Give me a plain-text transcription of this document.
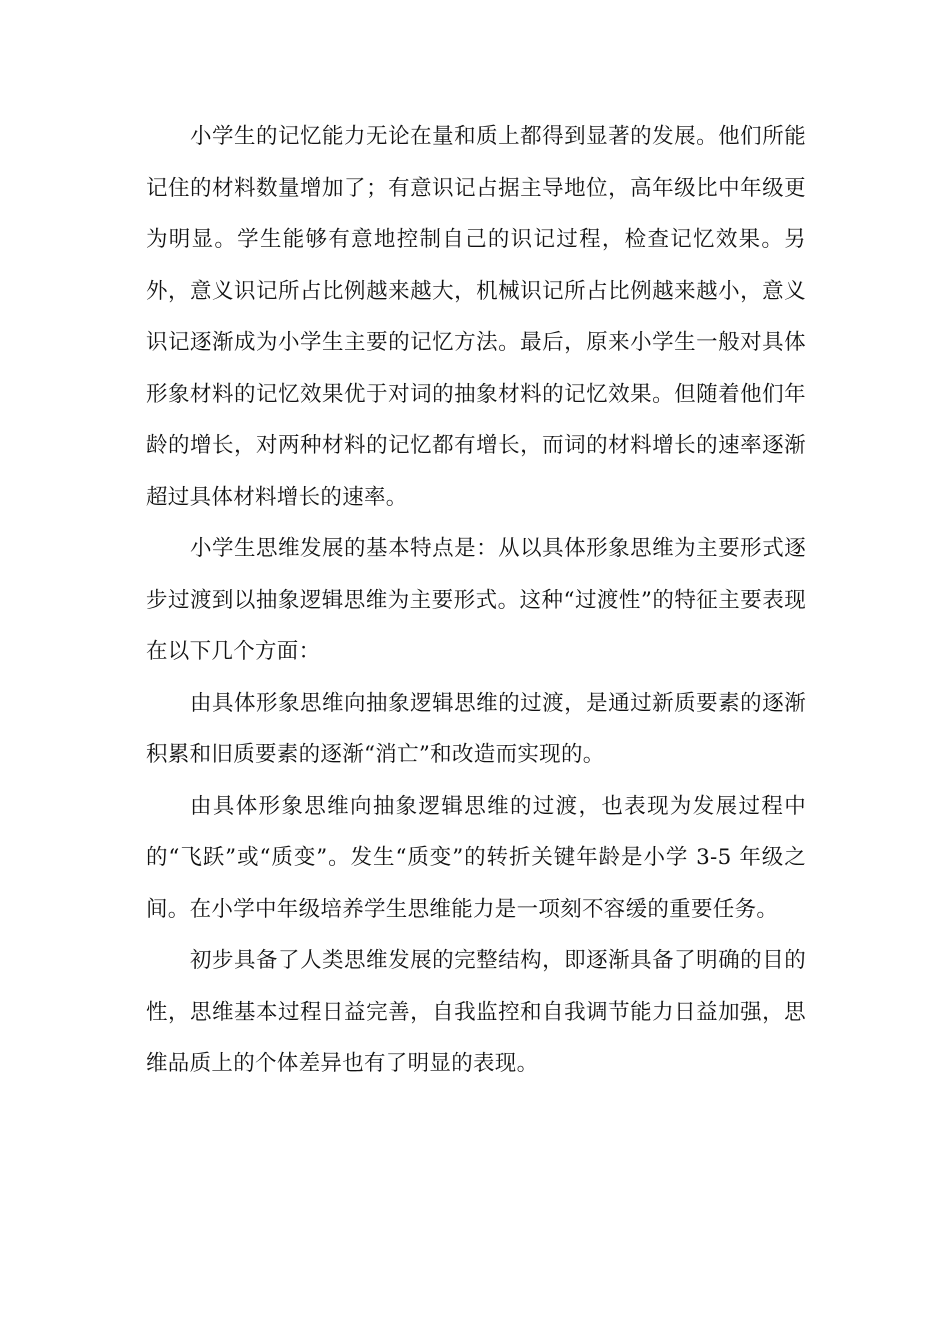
小学生的记忆能力无论在量和质上都得到显著的发展。他们所能记住的材料数量增加了；有意识记占据主导地位，高年级比中年级更为明显。学生能够有意地控制自己的识记过程，检查记忆效果。另外，意义识记所占比例越来越大，机械识记所占比例越来越小，意义识记逐渐成为小学生主要的记忆方法。最后，原来小学生一般对具体形象材料的记忆效果优于对词的抽象材料的记忆效果。但随着他们年龄的增长，对两种材料的记忆都有增长，而词的材料增长的速率逐渐超过具体材料增长的速率。

小学生思维发展的基本特点是：从以具体形象思维为主要形式逐步过渡到以抽象逻辑思维为主要形式。这种“过渡性”的特征主要表现在以下几个方面：

由具体形象思维向抽象逻辑思维的过渡，是通过新质要素的逐渐积累和旧质要素的逐渐“消亡”和改造而实现的。

由具体形象思维向抽象逻辑思维的过渡，也表现为发展过程中的“飞跃”或“质变”。发生“质变”的转折关键年龄是小学 3-5 年级之间。在小学中年级培养学生思维能力是一项刻不容缓的重要任务。

初步具备了人类思维发展的完整结构，即逐渐具备了明确的目的性，思维基本过程日益完善，自我监控和自我调节能力日益加强，思维品质上的个体差异也有了明显的表现。
